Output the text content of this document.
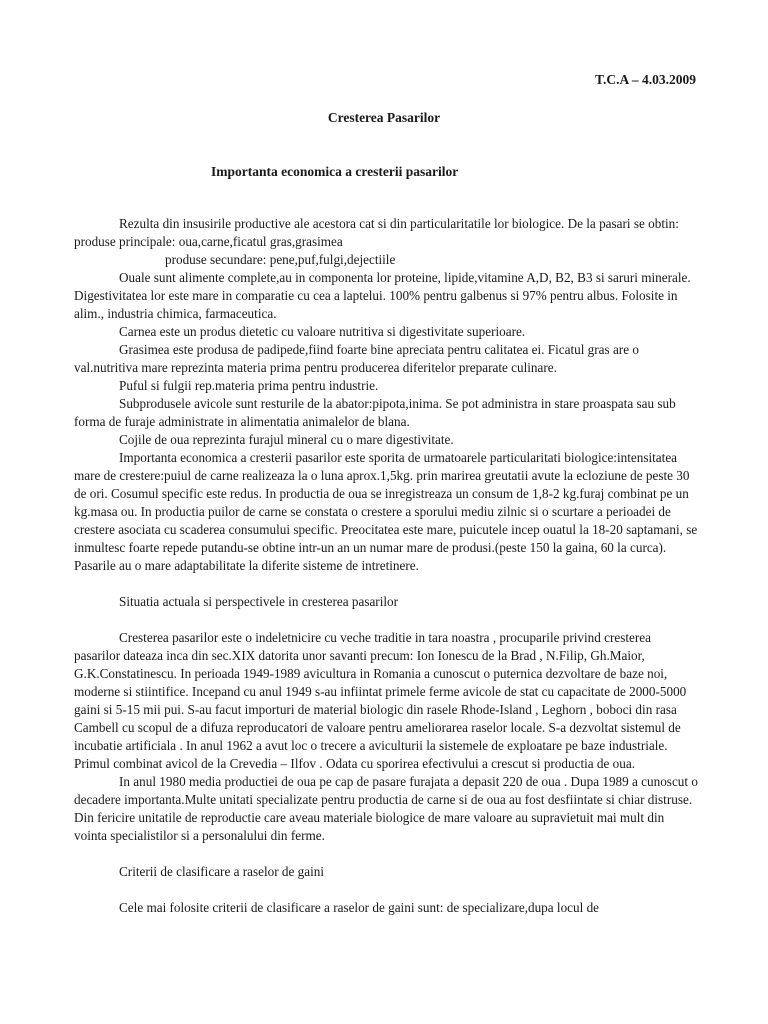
T.C.A – 4.03.2009
Cresterea Pasarilor
Importanta economica a cresterii pasarilor

Rezulta din insusirile productive ale acestora cat si din particularitatile lor biologice. De la pasari se obtin: produse principale: oua,carne,ficatul gras,grasimea

produse secundare: pene,puf,fulgi,dejectiile

Ouale sunt alimente complete,au in componenta lor proteine, lipide,vitamine A,D, B2, B3 si saruri minerale. Digestivitatea lor este mare in comparatie cu cea a laptelui. 100% pentru galbenus si 97% pentru albus. Folosite in alim., industria chimica, farmaceutica.

Carnea este un produs dietetic cu valoare nutritiva si digestivitate superioare.

Grasimea este produsa de padipede,fiind foarte bine apreciata pentru calitatea ei. Ficatul gras are o val.nutritiva mare reprezinta materia prima pentru producerea diferitelor preparate culinare.

Puful si fulgii rep.materia prima pentru industrie.

Subprodusele avicole sunt resturile de la abator:pipota,inima. Se pot administra in stare proaspata sau sub forma de furaje administrate in alimentatia animalelor de blana.

Cojile de oua reprezinta furajul mineral cu o mare digestivitate.

Importanta economica a cresterii pasarilor este sporita de urmatoarele particularitati biologice:intensitatea mare de crestere:puiul de carne realizeaza la o luna aprox.1,5kg. prin marirea greutatii avute la ecloziune de peste 30 de ori. Cosumul specific este redus. In productia de oua se inregistreaza un consum de 1,8-2 kg.furaj combinat pe un kg.masa ou. In productia puilor de carne se constata o crestere a sporului mediu zilnic si o scurtare a perioadei de crestere asociata cu scaderea consumului specific. Preocitatea este mare, puicutele incep ouatul la 18-20 saptamani, se inmultesc foarte repede putandu-se obtine intr-un an un numar mare de produsi.(peste 150 la gaina, 60 la curca). Pasarile au o mare adaptabilitate la diferite sisteme de intretinere.

Situatia actuala si perspectivele in cresterea pasarilor

Cresterea pasarilor este o indeletnicire cu veche traditie in tara noastra , procuparile privind cresterea pasarilor dateaza inca din sec.XIX datorita unor savanti precum: Ion Ionescu de la Brad , N.Filip, Gh.Maior, G.K.Constatinescu. In perioada 1949-1989 avicultura in Romania a cunoscut o puternica dezvoltare de baze noi, moderne si stiintifice. Incepand cu anul 1949 s-au infiintat primele ferme avicole de stat cu capacitate de 2000-5000 gaini si 5-15 mii pui. S-au facut importuri de material biologic din rasele Rhode-Island , Leghorn , boboci din rasa Cambell cu scopul de a difuza reproducatori de valoare pentru ameliorarea raselor locale. S-a dezvoltat sistemul de incubatie artificiala . In anul 1962 a avut loc o trecere a aviculturii la sistemele de exploatare pe baze industriale. Primul combinat avicol de la Crevedia – Ilfov . Odata cu sporirea efectivului a crescut si productia de oua.

In anul 1980 media productiei de oua pe cap de pasare furajata a depasit 220 de oua . Dupa 1989 a cunoscut o decadere importanta.Multe unitati specializate pentru productia de carne si de oua au fost desfiintate si chiar distruse. Din fericire unitatile de reproductie care aveau materiale biologice de mare valoare au supravietuit mai mult din vointa specialistilor si a personalului din ferme.

Criterii de clasificare a raselor de gaini

Cele mai folosite criterii de clasificare a raselor de gaini sunt: de specializare,dupa locul de
